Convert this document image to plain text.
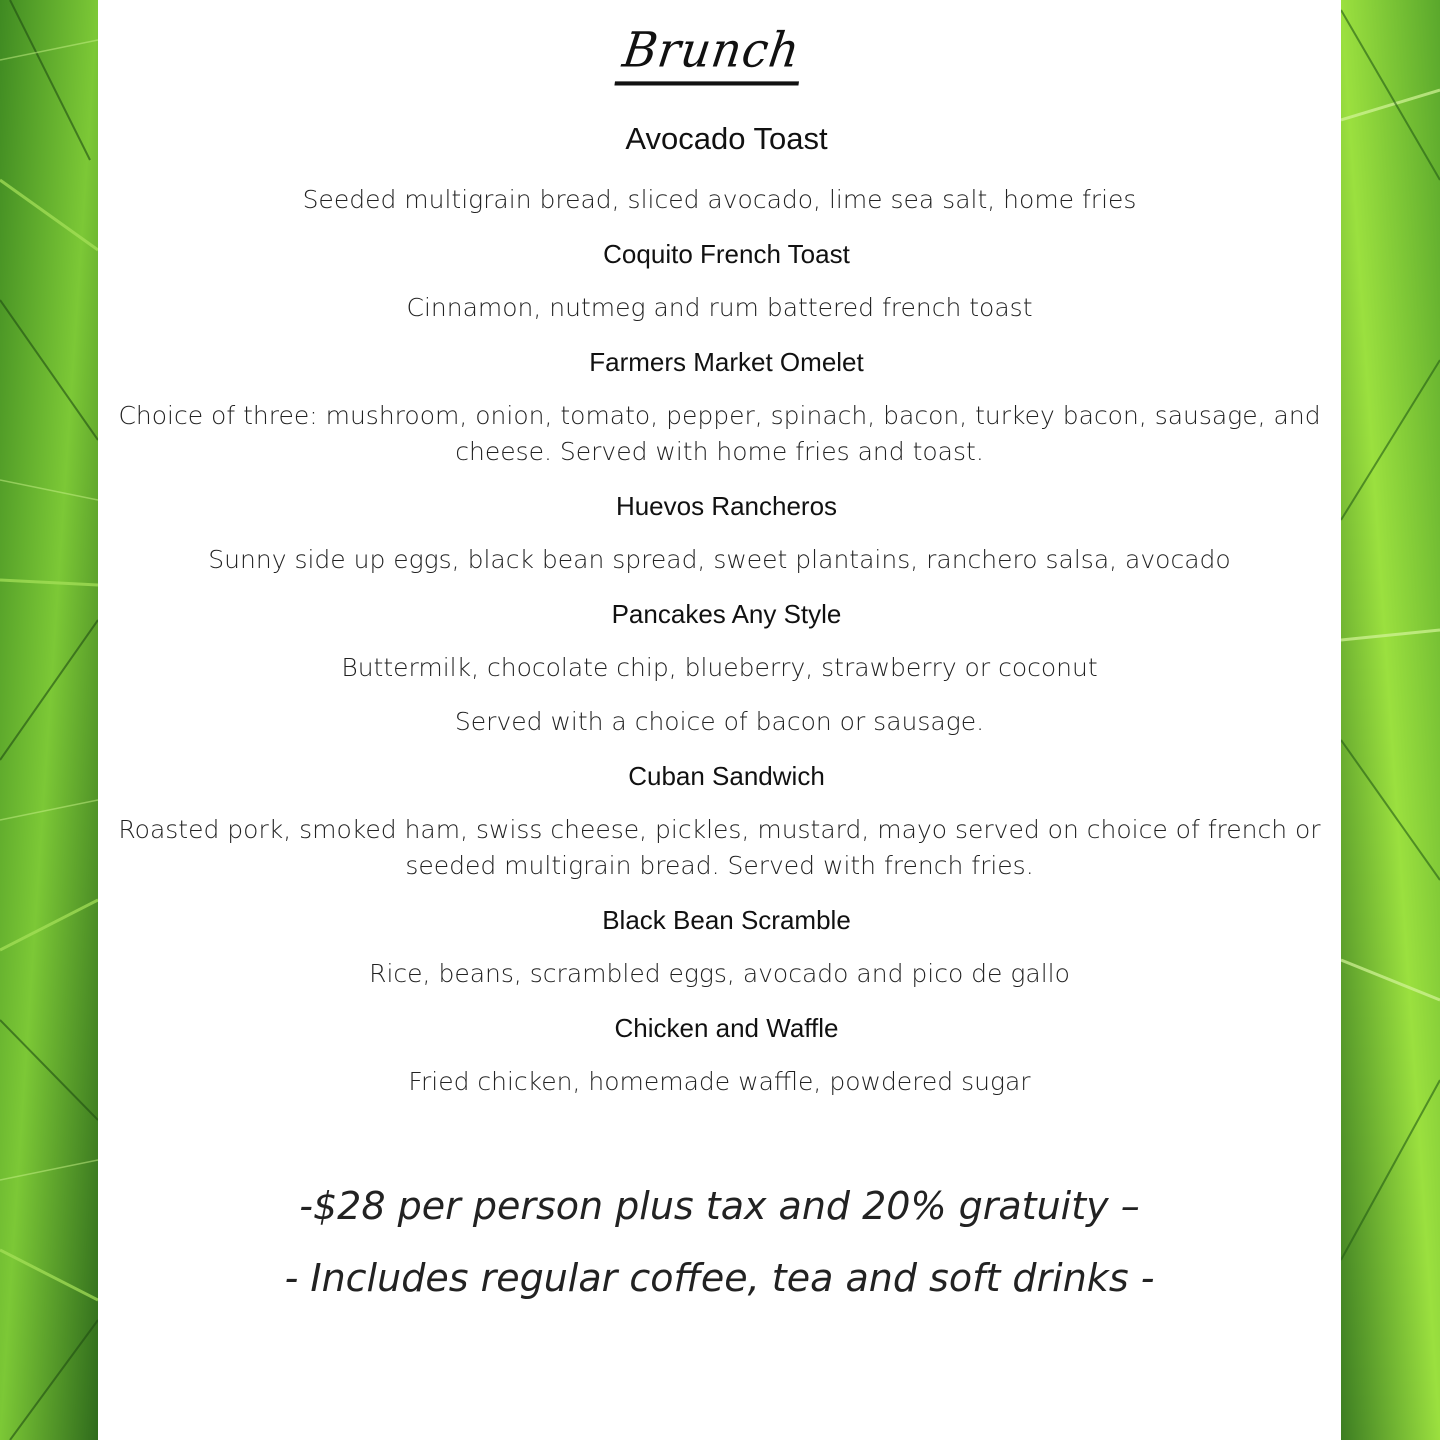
Brunch

Avocado Toast

Seeded multigrain bread, sliced avocado, lime sea salt, home fries

Coquito French Toast

Cinnamon, nutmeg and rum battered french toast

Farmers Market Omelet

Choice of three: mushroom, onion, tomato, pepper, spinach, bacon, turkey bacon, sausage, and cheese. Served with home fries and toast.

Huevos Rancheros

Sunny side up eggs, black bean spread, sweet plantains, ranchero salsa, avocado

Pancakes Any Style

Buttermilk, chocolate chip, blueberry, strawberry or coconut

Served with a choice of bacon or sausage.

Cuban Sandwich

Roasted pork, smoked ham, swiss cheese, pickles, mustard, mayo served on choice of french or seeded multigrain bread. Served with french fries.

Black Bean Scramble

Rice, beans, scrambled eggs, avocado and pico de gallo

Chicken and Waffle

Fried chicken, homemade waffle, powdered sugar

-$28 per person plus tax and 20% gratuity –

- Includes regular coffee, tea and soft drinks -
